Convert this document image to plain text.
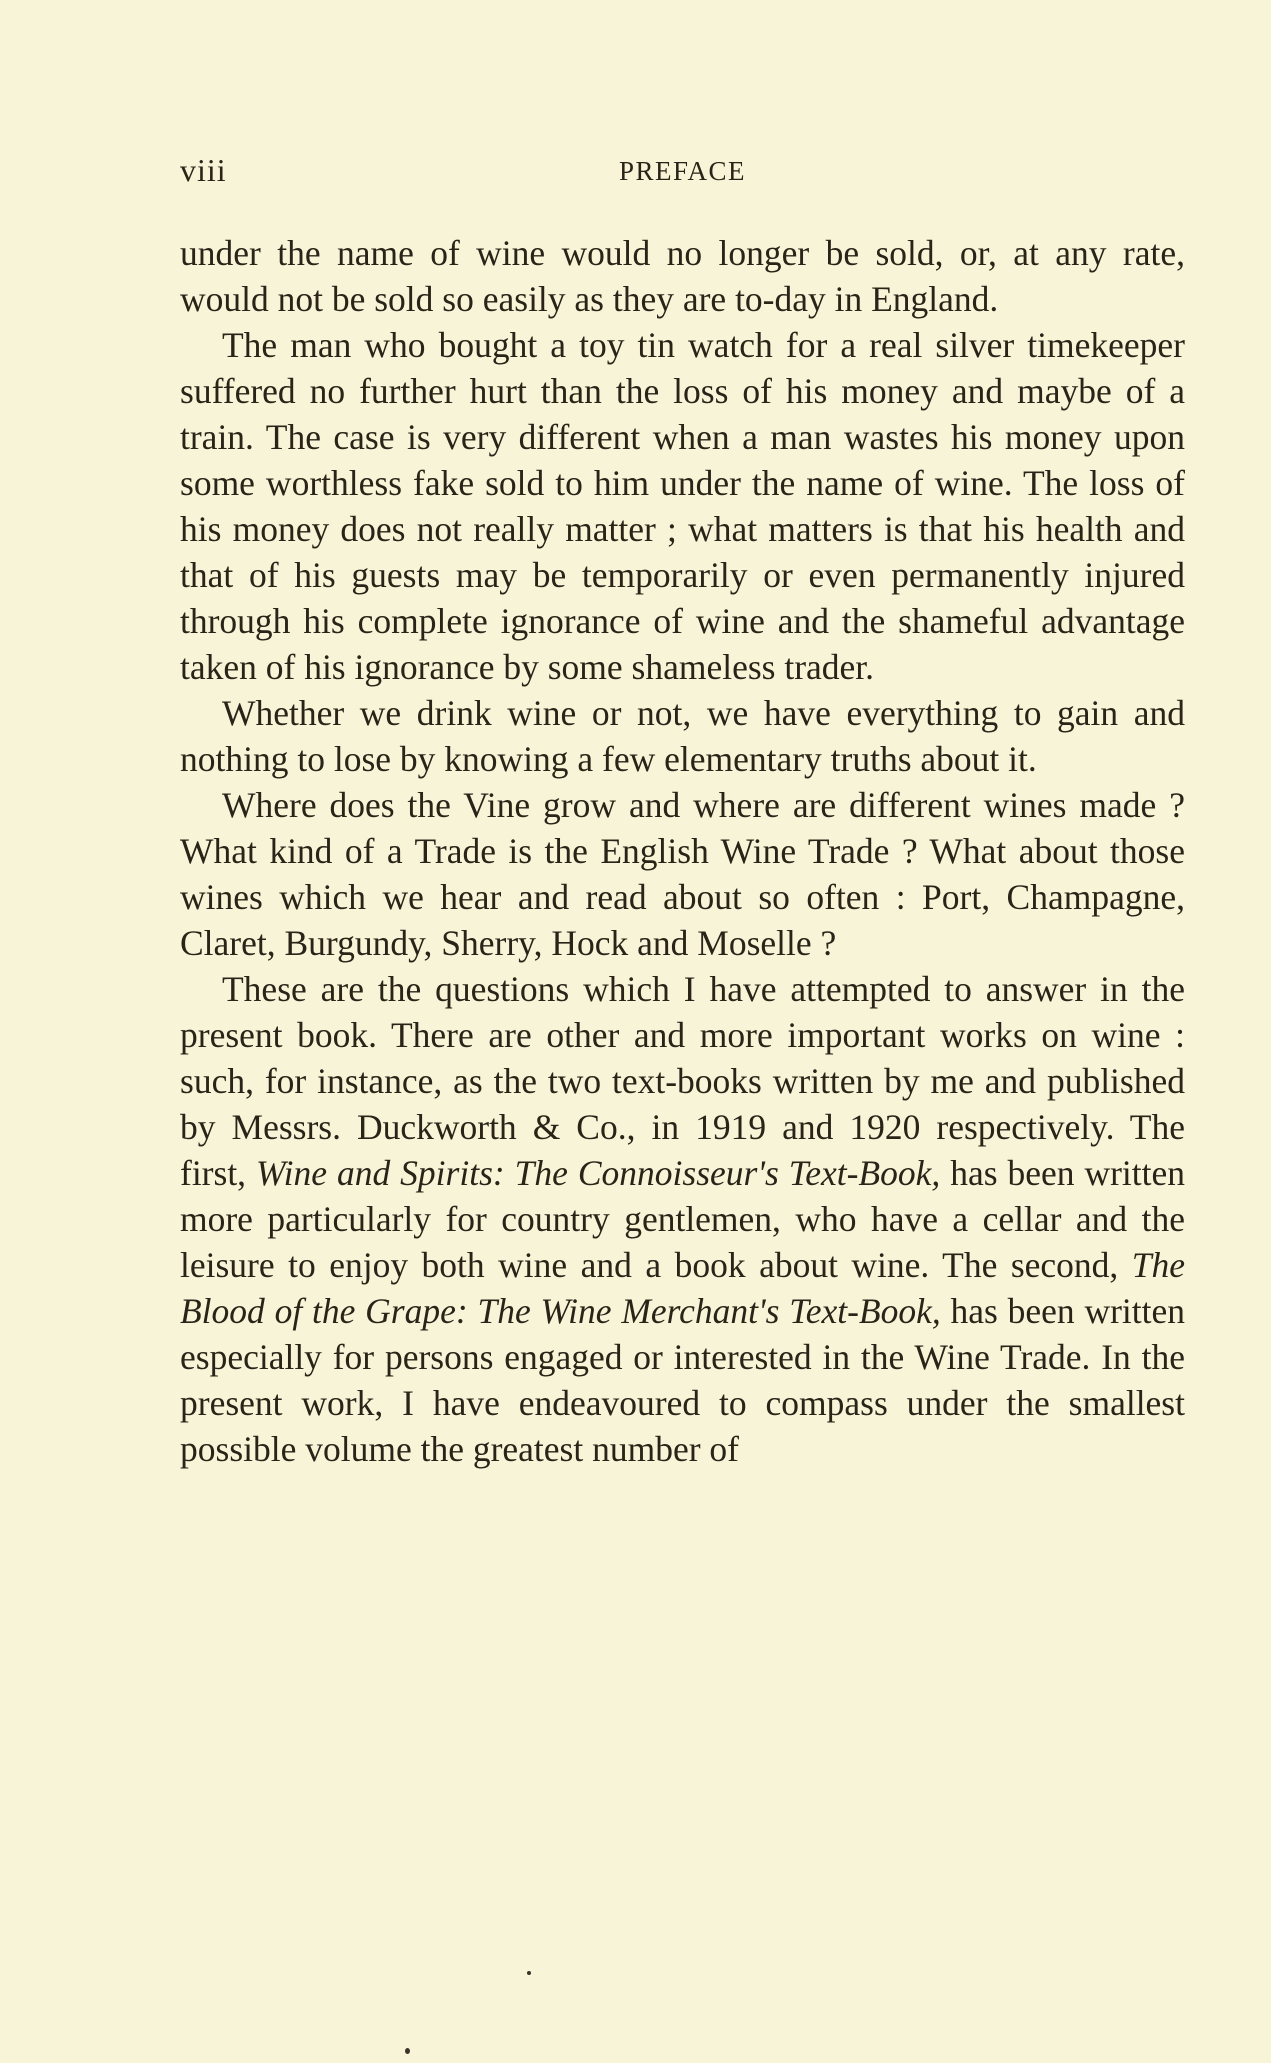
viii	PREFACE

under the name of wine would no longer be sold, or, at any rate, would not be sold so easily as they are to-day in England.

The man who bought a toy tin watch for a real silver timekeeper suffered no further hurt than the loss of his money and maybe of a train. The case is very different when a man wastes his money upon some worthless fake sold to him under the name of wine. The loss of his money does not really matter ; what matters is that his health and that of his guests may be temporarily or even permanently injured through his complete ignorance of wine and the shameful advantage taken of his ignorance by some shameless trader.

Whether we drink wine or not, we have everything to gain and nothing to lose by knowing a few elementary truths about it.

Where does the Vine grow and where are different wines made ? What kind of a Trade is the English Wine Trade ? What about those wines which we hear and read about so often : Port, Champagne, Claret, Burgundy, Sherry, Hock and Moselle ?

These are the questions which I have attempted to answer in the present book. There are other and more important works on wine : such, for instance, as the two text-books written by me and published by Messrs. Duckworth & Co., in 1919 and 1920 respectively. The first, Wine and Spirits: The Connoisseur's Text-Book, has been written more particularly for country gentlemen, who have a cellar and the leisure to enjoy both wine and a book about wine. The second, The Blood of the Grape: The Wine Merchant's Text-Book, has been written especially for persons engaged or interested in the Wine Trade. In the present work, I have endeavoured to compass under the smallest possible volume the greatest number of
